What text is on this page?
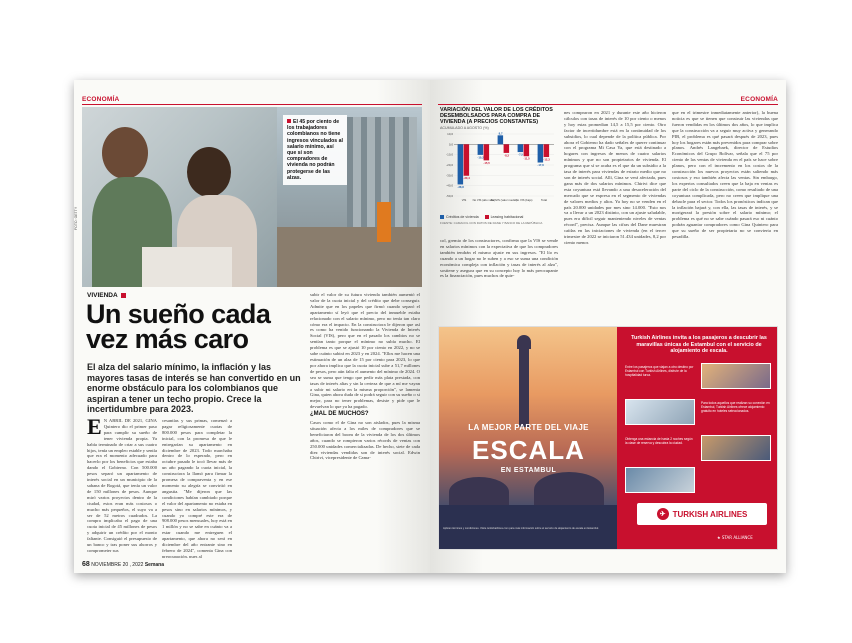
ECONOMÍA
El 45 por ciento de los trabajadores colombianos no tiene ingresos vinculados al salario mínimo, así que sí son compradores de vivienda no podrán protegerse de las alzas.
FOTO: GETTY
VIVIENDA
Un sueño cada vez más caro
El alza del salario mínimo, la inflación y las mayores tasas de interés se han convertido en un enorme obstáculo para los colombianos que aspiran a tener un techo propio. Crece la incertidumbre para 2023.
E N ABRIL DE 2021, GINA Quintero dio el primer paso para cumplir su sueño de tener vivienda propia. Ya había terminado de criar a sus cuatro hijos, tenía un empleo estable y sentía que era el momento adecuado para hacerlo por los beneficios que estaba dando el Gobierno. Con 500.000 pesos separó un apartamento de interés social en un municipio de la sabana de Bogotá, que tenía un valor de 150 millones de pesos. Aunque miró varios proyectos dentro de la ciudad, estos eran más costosos o mucho más pequeños, el suyo va a ser de 52 metros cuadrados. La compra implicaba el pago de una cuota inicial de 45 millones de pesos y adquirir un crédito por el monto faltante. Consiguió el presupuesto de un banco y tras poner sus ahorros y comprometer sus
cesantías y sus primas, comenzó a pagar religiosamente cuotas de 800.000 pesos para completar la inicial, con la promesa de que le entregarían su apartamento en diciembre de 2023. Todo marchaba dentro de lo esperado, pero en octubre pasado le tocó llevar más de un año pagando la cuota inicial, la constructora la llamó para firmar la promesa de compraventa y en ese momento su alegría se convirtió en angustia. "Me dijeron que las condiciones habían cambiado porque el valor del apartamento no estaba en pesos sino en salarios mínimos, y cuando yo compré este era de 908.000 pesos mensuales, hoy está en 1 millón y no se sabe en cuánto va a estar cuando me entreguen el apartamento, que ahora no será en diciembre del año entrante sino en febrero de 2024", comenta Gina con preocupación, pues al
subir el valor de su futura vivienda también aumentó el valor de la cuota inicial y del crédito que debe conseguir. Admite que en los papeles que firmó cuando separó el apartamento sí leyó que el precio del inmueble estaba relacionado con el salario mínimo, pero no tenía tan claro cómo era el impacto. En la constructora le dijeron que así es como ha venido funcionando la Vivienda de Interés Social (VIS), pero que en el pasado los cambios no se sentían tanto porque el mínimo no subía mucho. El problema es que se ajustó 10 por ciento en 2022, y no se sabe cuánto subirá en 2023 y en 2024. "Ellos me hacen una estimación de un alza de 15 por ciento para 2023, lo que por ahora implica que la cuota inicial sube a 51,7 millones de pesos, pero aún falta el aumento del mínimo de 2024. O sea se suma que tengo que pedir más plata prestada, con tasas de interés altas y sin la certeza de que a mí me vayan a subir mi salario en la misma proporción", se lamenta Gina, quien ahora duda de si podrá seguir con su sueño o si mejor, para no tener problemas, desiste y pide que le devuelvan lo que ya ha pagado.
¿MAL DE MUCHOS?
Casos como el de Gina no son aislados, pues la misma situación afecta a los miles de compradores que se beneficiaron del boom de la vivienda de los dos últimos años, cuando se rompieron varios récords de ventas con 250.000 unidades comercializadas. De hecho, siete de cada diez viviendas vendidas son de interés social. Edwin Chirivi, vicepresidente de Cama-
68 NOVIEMBRE 20 , 2022 Semana
ECONOMÍA
VARIACIÓN DEL VALOR DE LOS CRÉDITOS DESEMBOLSADOS PARA COMPRA DE VIVIENDA (A PRECIOS CONSTANTES)
ACUMULADO A AGOSTO (%)
10,0
0,0
-10,0
-20,0
-30,0
-40,0
-50,0
-38,8
-30,4
VIS
-10,2
-15,5
No VIS (alto valor)
8,7
-8,3
No VIS (valor medio)
-7,5
-11,5
No VIS (bajo)
-17,6
-12,3
Total
Créditos de vivienda	Leasing habitacional
FUENTE: CAMACOL CON DATOS DE DANE Y BANCO DE LA REPÚBLICA
col, gremio de los constructores, confirma que la VIS se vende en salarios mínimos con la expectativa de que los compradores también tendrán el mismo ajuste en sus ingresos. "El lío es cuando a un hogar no le suben y a eso se suma una condición económica compleja con inflación y tasas de interés al alza", sostiene y asegura que en su concepto hoy lo más preocupante es la financiación, pues muchos de quie-
nes compraron en 2021 y durante este año hicieron cálculos con tasas de interés de 10 por ciento o menos y hoy estas promedian 14,5 a 15,5 por ciento. Otro factor de incertidumbre está en la continuidad de los subsidios, lo cual depende de la política pública. Por ahora el Gobierno ha dado señales de querer continuar con el programa Mi Casa Ya, que está destinado a hogares con ingresos de menos de cuatro salarios mínimos y que no son propietarios de vivienda. El programa que sí se acaba es el que da un subsidio a la tasa de interés para viviendas de estrato medio que no son de interés social. Allí, Gina se verá afectada, pues gana más de dos salarios mínimos. Chirivi dice que esta coyuntura está llevando a una desaceleración del mercado que se expresa en el segmento de viviendas de valores medios y altos. Ya hoy no se venden en el país 20.000 unidades por mes sino 14.000. "Esto nos va a llevar a un 2023 distinto, con un ajuste saludable, pues era difícil seguir manteniendo niveles de ventas récord", precisa. Aunque las cifras del Dane muestran caídas en las iniciaciones de vivienda (en el tercer trimestre de 2022 se iniciaron 51.434 unidades, 8,2 por ciento menos
que en el trimestre inmediatamente anterior), la buena noticia es que se tienen que construir las viviendas que fueron vendidas en los últimos dos años, lo que implica que la construcción va a seguir muy activa y generando PIB, el problema es qué pasará después de 2023, pues hoy los hogares están más prevenidos para comprar sobre planos. Andrés Langebaek, director de Estudios Económicos del Grupo Bolívar, señala que el 75 por ciento de las ventas de vivienda en el país se hace sobre planos, pero con el incremento en los costos de la construcción los nuevos proyectos están saliendo más costosos y eso también afecta las ventas. Sin embargo, los expertos consultados creen que la baja en ventas es parte del ciclo de la construcción, como resultado de una coyuntura complicada, pero no creen que implique una debacle para el sector. Todos los pronósticos indican que la inflación bajará y, con ella, las tasas de interés, y se morigerará la presión sobre el salario mínimo; el problema es qué no se sabe cuándo pasará eso ni cuánto podrán aguantar compradores como Gina Quintero para que su sueño de ser propietaria no se convierta en pesadilla.
LA MEJOR PARTE DEL VIAJE
ESCALA
EN ESTAMBUL
Aplican términos y condiciones. Visite turkishairlines.com para más información sobre el servicio de alojamiento de escala en Estambul.
Turkish Airlines invita a los pasajeros a descubrir las maravillas únicas de Estambul con el servicio de alojamiento de escala.
Entre los pasajeros que viajan a otro destino por Estambul con Turkish Airlines, disfrute de la hospitalidad turca.
Para todos aquellos que realizan su conexión en Estambul, Turkish Airlines ofrece alojamiento gratuito en hoteles seleccionados.
Obtenga una estancia de hasta 2 noches según la clase de reserva y descubra la ciudad.
✈ TURKISH AIRLINES
★ STAR ALLIANCE
